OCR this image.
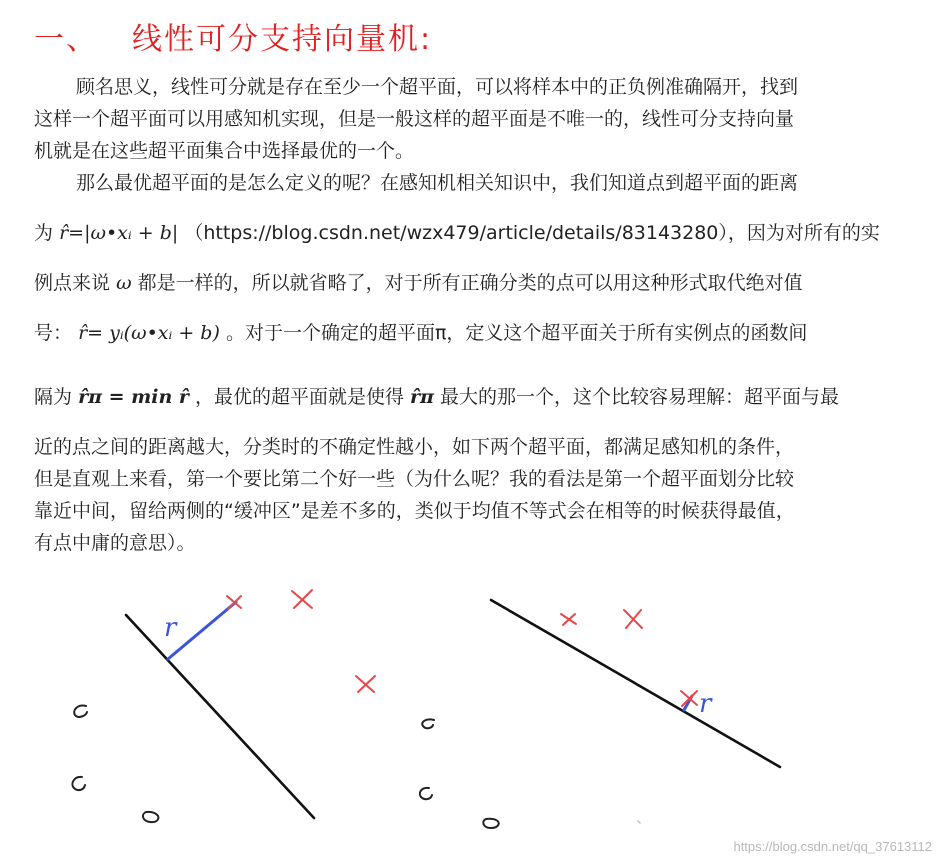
一、 线性可分支持向量机:
顾名思义，线性可分就是存在至少一个超平面，可以将样本中的正负例准确隔开，找到
这样一个超平面可以用感知机实现，但是一般这样的超平面是不唯一的，线性可分支持向量
机就是在这些超平面集合中选择最优的一个。
那么最优超平面的是怎么定义的呢？在感知机相关知识中，我们知道点到超平面的距离
为 r̂=|ω•xᵢ + b| （https://blog.csdn.net/wzx479/article/details/83143280），因为对所有的实
例点来说 ω 都是一样的，所以就省略了，对于所有正确分类的点可以用这种形式取代绝对值
号： r̂= yᵢ(ω•xᵢ + b) 。对于一个确定的超平面π，定义这个超平面关于所有实例点的函数间
隔为 r̂π = min r̂ ，最优的超平面就是使得 r̂π 最大的那一个，这个比较容易理解：超平面与最
近的点之间的距离越大，分类时的不确定性越小，如下两个超平面，都满足感知机的条件，
但是直观上来看，第一个要比第二个好一些（为什么呢？我的看法是第一个超平面划分比较
靠近中间，留给两侧的“缓冲区”是差不多的，类似于均值不等式会在相等的时候获得最值，
有点中庸的意思）。
r
r
https://blog.csdn.net/qq_37613112
